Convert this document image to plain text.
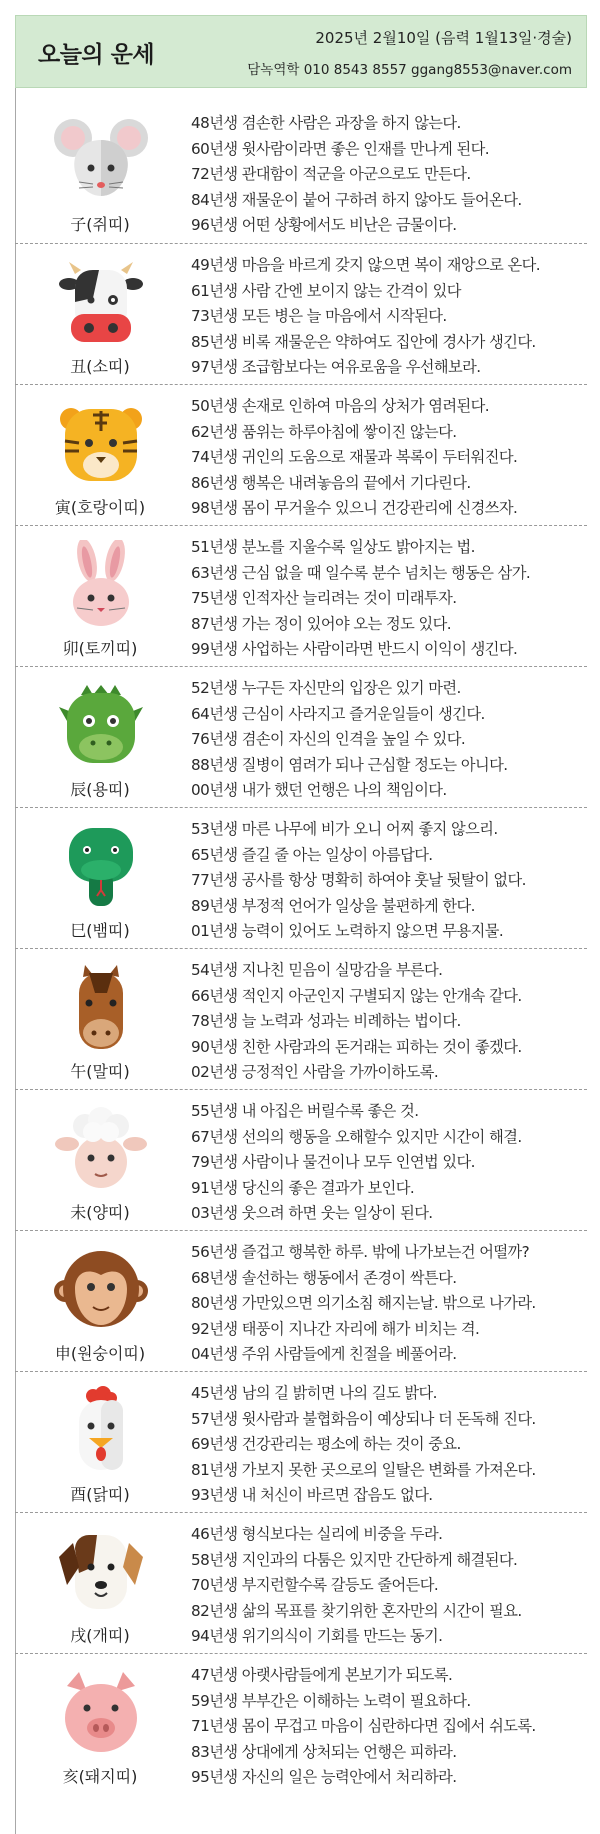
오늘의 운세
2025년 2월10일 (음력 1월13일·경술)
담녹역학 010 8543 8557 ggang8553@naver.com
子(쥐띠)
48년생 겸손한 사람은 과장을 하지 않는다.
60년생 윗사람이라면 좋은 인재를 만나게 된다.
72년생 관대함이 적군을 아군으로도 만든다.
84년생 재물운이 붙어 구하려 하지 않아도 들어온다.
96년생 어떤 상황에서도 비난은 금물이다.
丑(소띠)
49년생 마음을 바르게 갖지 않으면 복이 재앙으로 온다.
61년생 사람 간엔 보이지 않는 간격이 있다
73년생 모든 병은 늘 마음에서 시작된다.
85년생 비록 재물운은 약하여도 집안에 경사가 생긴다.
97년생 조급함보다는 여유로움을 우선해보라.
寅(호랑이띠)
50년생 손재로 인하여 마음의 상처가 염려된다.
62년생 품위는 하루아침에 쌓이진 않는다.
74년생 귀인의 도움으로 재물과 복록이 두터워진다.
86년생 행복은 내려놓음의 끝에서 기다린다.
98년생 몸이 무거울수 있으니 건강관리에 신경쓰자.
卯(토끼띠)
51년생 분노를 지울수록 일상도 밝아지는 법.
63년생 근심 없을 때 일수록 분수 넘치는 행동은 삼가.
75년생 인적자산 늘리려는 것이 미래투자.
87년생 가는 정이 있어야 오는 정도 있다.
99년생 사업하는 사람이라면 반드시 이익이 생긴다.
辰(용띠)
52년생 누구든 자신만의 입장은 있기 마련.
64년생 근심이 사라지고 즐거운일들이 생긴다.
76년생 겸손이 자신의 인격을 높일 수 있다.
88년생 질병이 염려가 되나 근심할 정도는 아니다.
00년생 내가 했던 언행은 나의 책임이다.
巳(뱀띠)
53년생 마른 나무에 비가 오니 어찌 좋지 않으리.
65년생 즐길 줄 아는 일상이 아름답다.
77년생 공사를 항상 명확히 하여야 훗날 뒷탈이 없다.
89년생 부정적 언어가 일상을 불편하게 한다.
01년생 능력이 있어도 노력하지 않으면 무용지물.
午(말띠)
54년생 지나친 믿음이 실망감을 부른다.
66년생 적인지 아군인지 구별되지 않는 안개속 같다.
78년생 늘 노력과 성과는 비례하는 법이다.
90년생 친한 사람과의 돈거래는 피하는 것이 좋겠다.
02년생 긍정적인 사람을 가까이하도록.
未(양띠)
55년생 내 아집은 버릴수록 좋은 것.
67년생 선의의 행동을 오해할수 있지만 시간이 해결.
79년생 사람이나 물건이나 모두 인연법 있다.
91년생 당신의 좋은 결과가 보인다.
03년생 웃으려 하면 웃는 일상이 된다.
申(원숭이띠)
56년생 즐겁고 행복한 하루. 밖에 나가보는건 어떨까?
68년생 솔선하는 행동에서 존경이 싹튼다.
80년생 가만있으면 의기소침 해지는날. 밖으로 나가라.
92년생 태풍이 지나간 자리에 해가 비치는 격.
04년생 주위 사람들에게 친절을 베풀어라.
酉(닭띠)
45년생 남의 길 밝히면 나의 길도 밝다.
57년생 윗사람과 불협화음이 예상되나 더 돈독해 진다.
69년생 건강관리는 평소에 하는 것이 중요.
81년생 가보지 못한 곳으로의 일탈은 변화를 가져온다.
93년생 내 처신이 바르면 잡음도 없다.
戌(개띠)
46년생 형식보다는 실리에 비중을 두라.
58년생 지인과의 다툼은 있지만 간단하게 해결된다.
70년생 부지런할수록 갈등도 줄어든다.
82년생 삶의 목표를 찾기위한 혼자만의 시간이 필요.
94년생 위기의식이 기회를 만드는 동기.
亥(돼지띠)
47년생 아랫사람들에게 본보기가 되도록.
59년생 부부간은 이해하는 노력이 필요하다.
71년생 몸이 무겁고 마음이 심란하다면 집에서 쉬도록.
83년생 상대에게 상처되는 언행은 피하라.
95년생 자신의 일은 능력안에서 처리하라.
